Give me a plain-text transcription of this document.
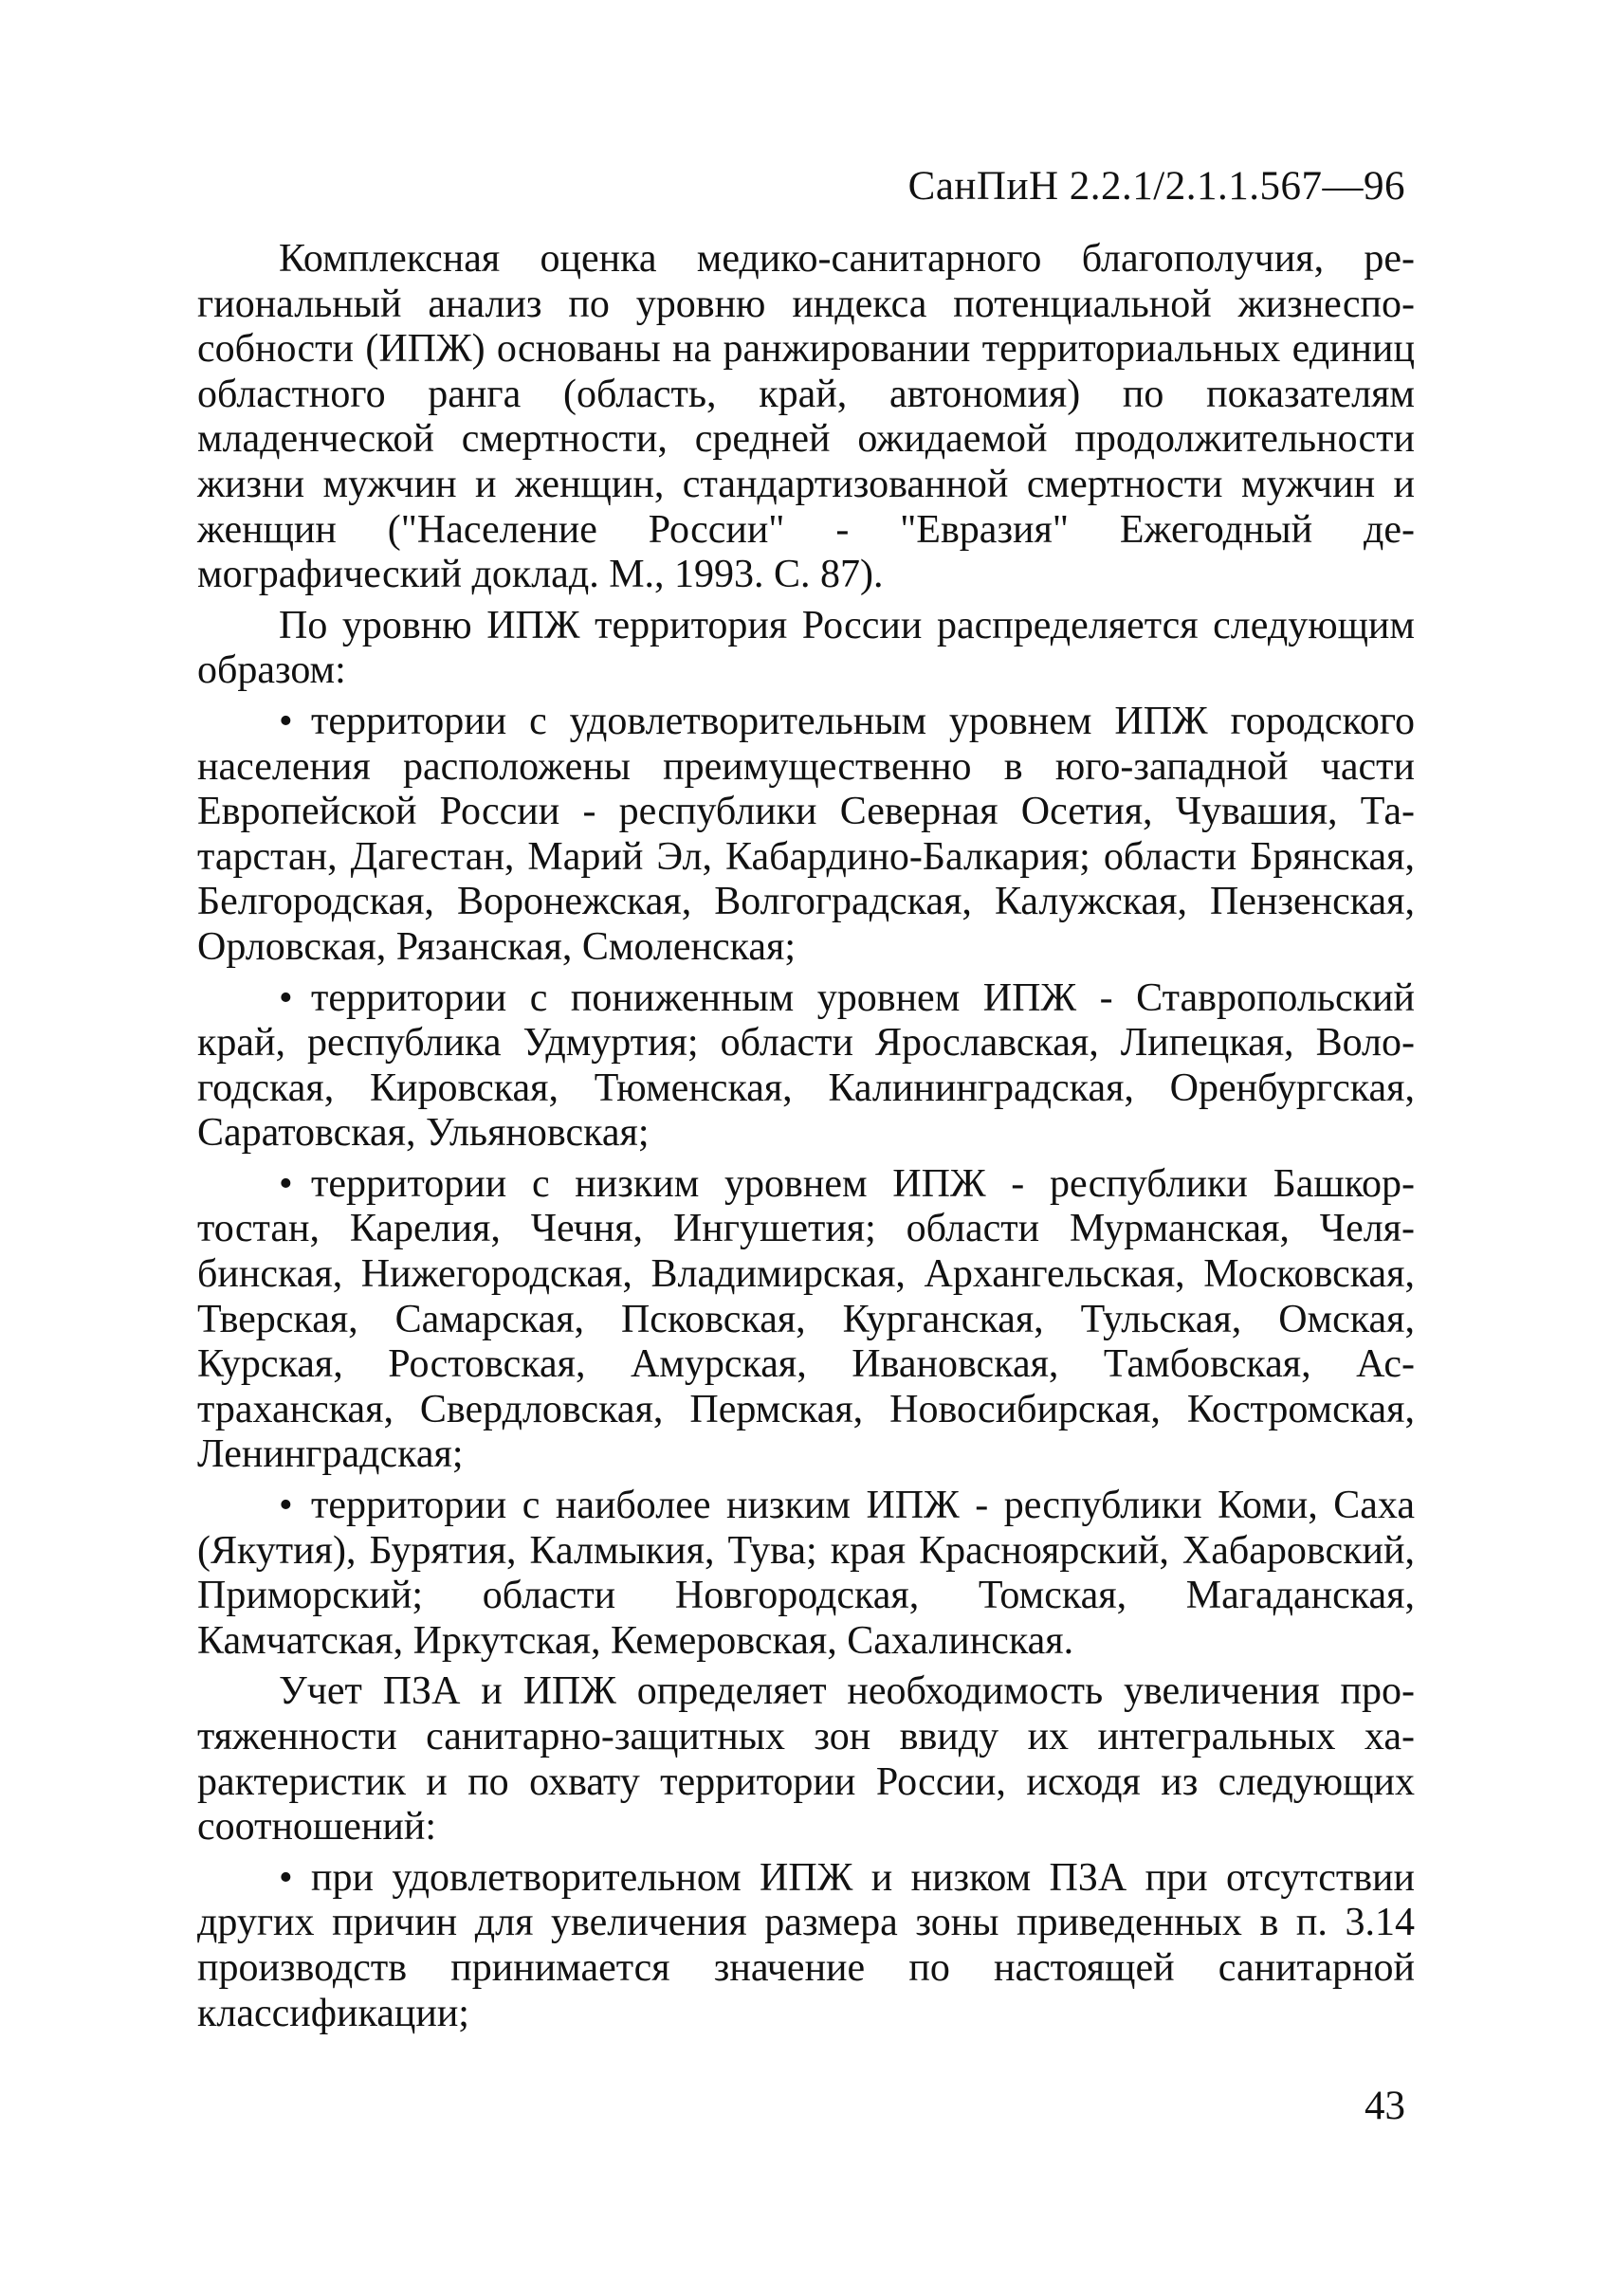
СанПиН 2.2.1/2.1.1.567—96

Комплексная оценка медико-санитарного благополучия, региональный анализ по уровню индекса потенциальной жизнеспособности (ИПЖ) основаны на ранжировании территориальных единиц областного ранга (область, край, автономия) по показателям младенческой смертности, средней ожидаемой продолжительности жизни мужчин и женщин, стандартизованной смертности мужчин и женщин ("Население России" - "Евразия" Ежегодный демографический доклад. М., 1993. С. 87).

По уровню ИПЖ территория России распределяется следующим образом:

• территории с удовлетворительным уровнем ИПЖ городского населения расположены преимущественно в юго-западной части Европейской России - республики Северная Осетия, Чувашия, Татарстан, Дагестан, Марий Эл, Кабардино-Балкария; области Брянская, Белгородская, Воронежская, Волгоградская, Калужская, Пензенская, Орловская, Рязанская, Смоленская;

• территории с пониженным уровнем ИПЖ - Ставропольский край, республика Удмуртия; области Ярославская, Липецкая, Вологодская, Кировская, Тюменская, Калининградская, Оренбургская, Саратовская, Ульяновская;

• территории с низким уровнем ИПЖ - республики Башкортостан, Карелия, Чечня, Ингушетия; области Мурманская, Челябинская, Нижегородская, Владимирская, Архангельская, Московская, Тверская, Самарская, Псковская, Курганская, Тульская, Омская, Курская, Ростовская, Амурская, Ивановская, Тамбовская, Астраханская, Свердловская, Пермская, Новосибирская, Костромская, Ленинградская;

• территории с наиболее низким ИПЖ - республики Коми, Саха (Якутия), Бурятия, Калмыкия, Тува; края Красноярский, Хабаровский, Приморский; области Новгородская, Томская, Магаданская, Камчатская, Иркутская, Кемеровская, Сахалинская.

Учет ПЗА и ИПЖ определяет необходимость увеличения протяженности санитарно-защитных зон ввиду их интегральных характеристик и по охвату территории России, исходя из следующих соотношений:

• при удовлетворительном ИПЖ и низком ПЗА при отсутствии других причин для увеличения размера зоны приведенных в п. 3.14 производств принимается значение по настоящей санитарной классификации;

43
